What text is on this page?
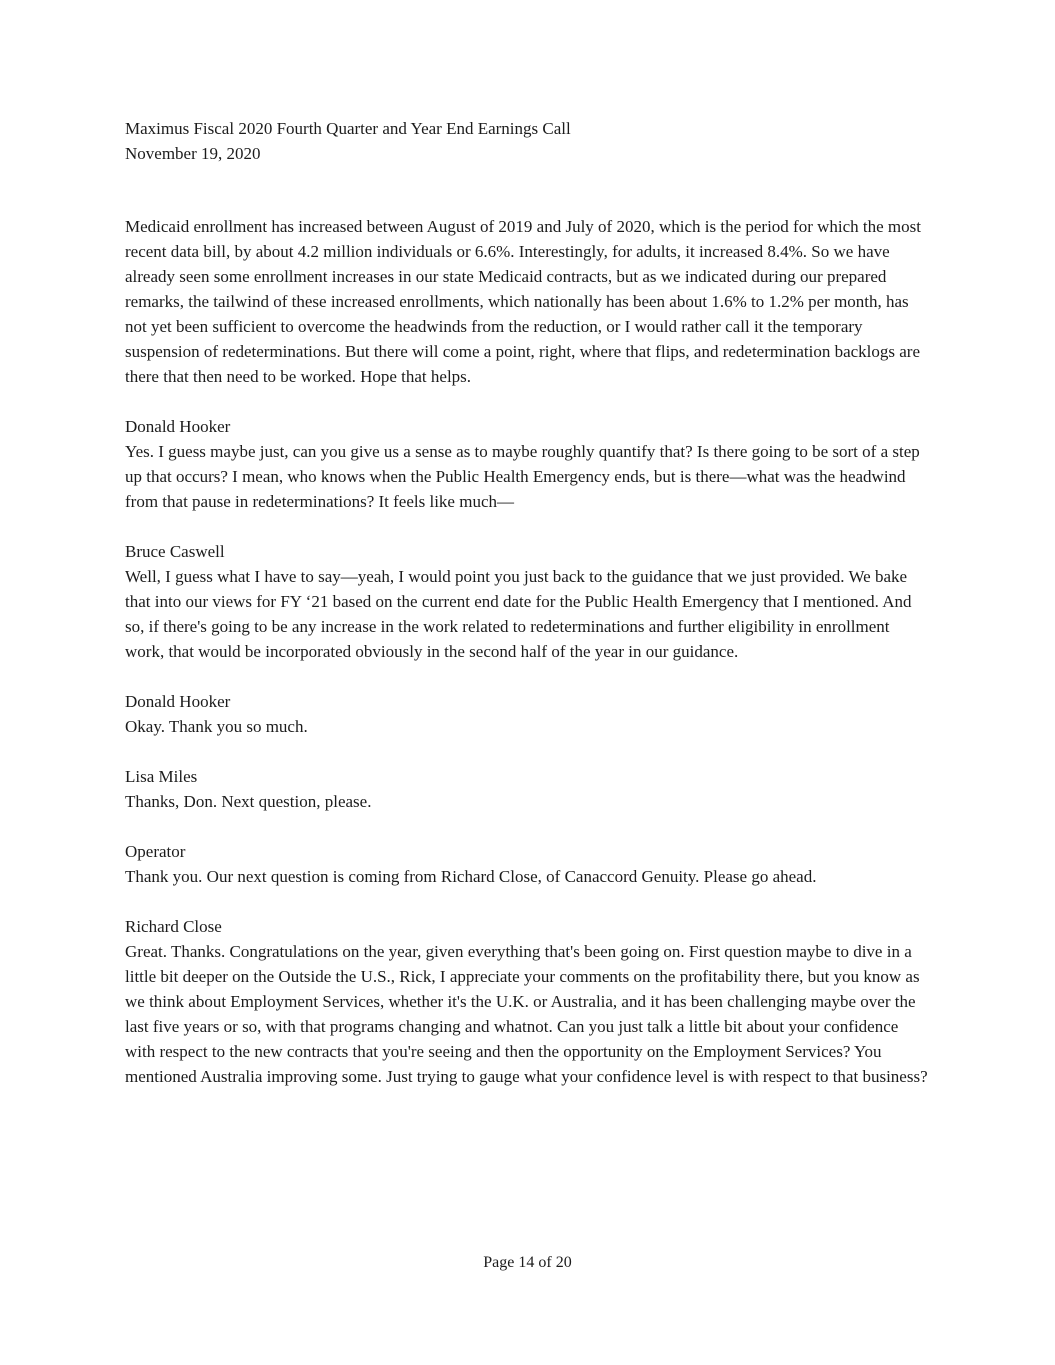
Maximus Fiscal 2020 Fourth Quarter and Year End Earnings Call
November 19, 2020
Medicaid enrollment has increased between August of 2019 and July of 2020, which is the period for which the most recent data bill, by about 4.2 million individuals or 6.6%. Interestingly, for adults, it increased 8.4%. So we have already seen some enrollment increases in our state Medicaid contracts, but as we indicated during our prepared remarks, the tailwind of these increased enrollments, which nationally has been about 1.6% to 1.2% per month, has not yet been sufficient to overcome the headwinds from the reduction, or I would rather call it the temporary suspension of redeterminations. But there will come a point, right, where that flips, and redetermination backlogs are there that then need to be worked. Hope that helps.
Donald Hooker
Yes. I guess maybe just, can you give us a sense as to maybe roughly quantify that? Is there going to be sort of a step up that occurs? I mean, who knows when the Public Health Emergency ends, but is there—what was the headwind from that pause in redeterminations? It feels like much—
Bruce Caswell
Well, I guess what I have to say—yeah, I would point you just back to the guidance that we just provided. We bake that into our views for FY ‘21 based on the current end date for the Public Health Emergency that I mentioned. And so, if there's going to be any increase in the work related to redeterminations and further eligibility in enrollment work, that would be incorporated obviously in the second half of the year in our guidance.
Donald Hooker
Okay. Thank you so much.
Lisa Miles
Thanks, Don. Next question, please.
Operator
Thank you. Our next question is coming from Richard Close, of Canaccord Genuity. Please go ahead.
Richard Close
Great. Thanks. Congratulations on the year, given everything that's been going on. First question maybe to dive in a little bit deeper on the Outside the U.S., Rick, I appreciate your comments on the profitability there, but you know as we think about Employment Services, whether it's the U.K. or Australia, and it has been challenging maybe over the last five years or so, with that programs changing and whatnot. Can you just talk a little bit about your confidence with respect to the new contracts that you're seeing and then the opportunity on the Employment Services? You mentioned Australia improving some. Just trying to gauge what your confidence level is with respect to that business?
Page 14 of 20
